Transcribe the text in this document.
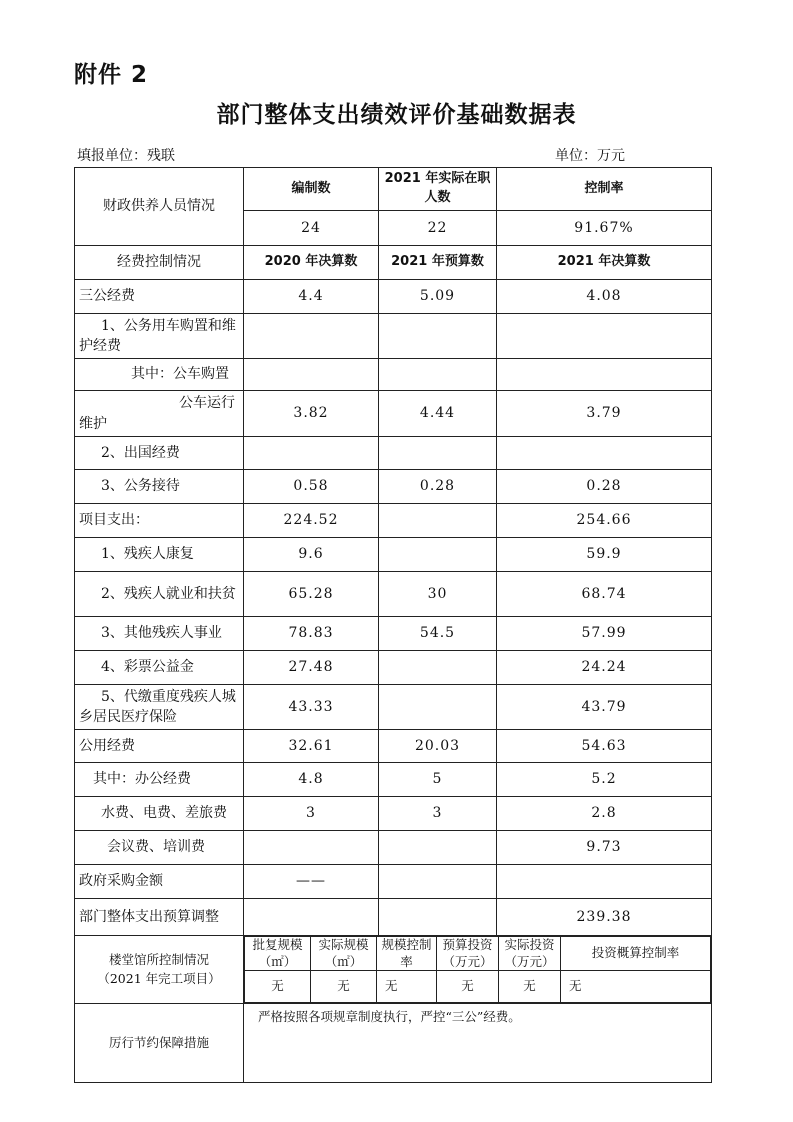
附件 2
部门整体支出绩效评价基础数据表
填报单位：残联	单位：万元
财政供养人员情况	编制数	2021 年实际在职人数	控制率
24	22	91.67%
经费控制情况	2020 年决算数	2021 年预算数	2021 年决算数
三公经费	4.4	5.09	4.08
1、公务用车购置和维护经费			
其中：公车购置			
公车运行维护	3.82	4.44	3.79
2、出国经费			
3、公务接待	0.58	0.28	0.28
项目支出：	224.52		254.66
1、残疾人康复	9.6		59.9
2、残疾人就业和扶贫	65.28	30	68.74
3、其他残疾人事业	78.83	54.5	57.99
4、彩票公益金	27.48		24.24
5、代缴重度残疾人城乡居民医疗保险	43.33		43.79
公用经费	32.61	20.03	54.63
其中：办公经费	4.8	5	5.2
水费、电费、差旅费	3	3	2.8
会议费、培训费			9.73
政府采购金额	——		
部门整体支出预算调整			239.38

楼堂馆所控制情况
（2021 年完工项目）

批复规模（㎡）	实际规模（㎡）	规模控制率	预算投资（万元）	实际投资（万元）	投资概算控制率
无	无	无	无	无	无

厉行节约保障措施	严格按照各项规章制度执行，严控“三公”经费。
